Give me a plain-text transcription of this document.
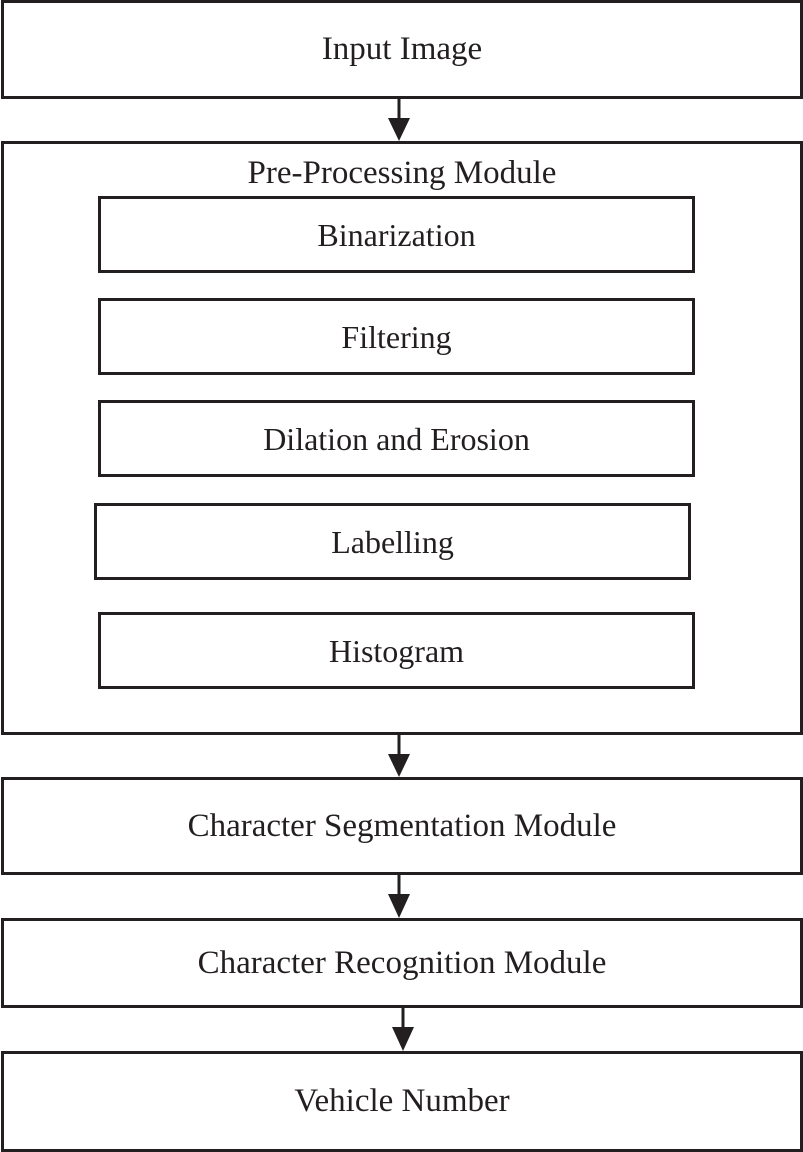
Input Image
Pre-Processing Module
Binarization
Filtering
Dilation and Erosion
Labelling
Histogram
Character Segmentation Module
Character Recognition Module
Vehicle Number
